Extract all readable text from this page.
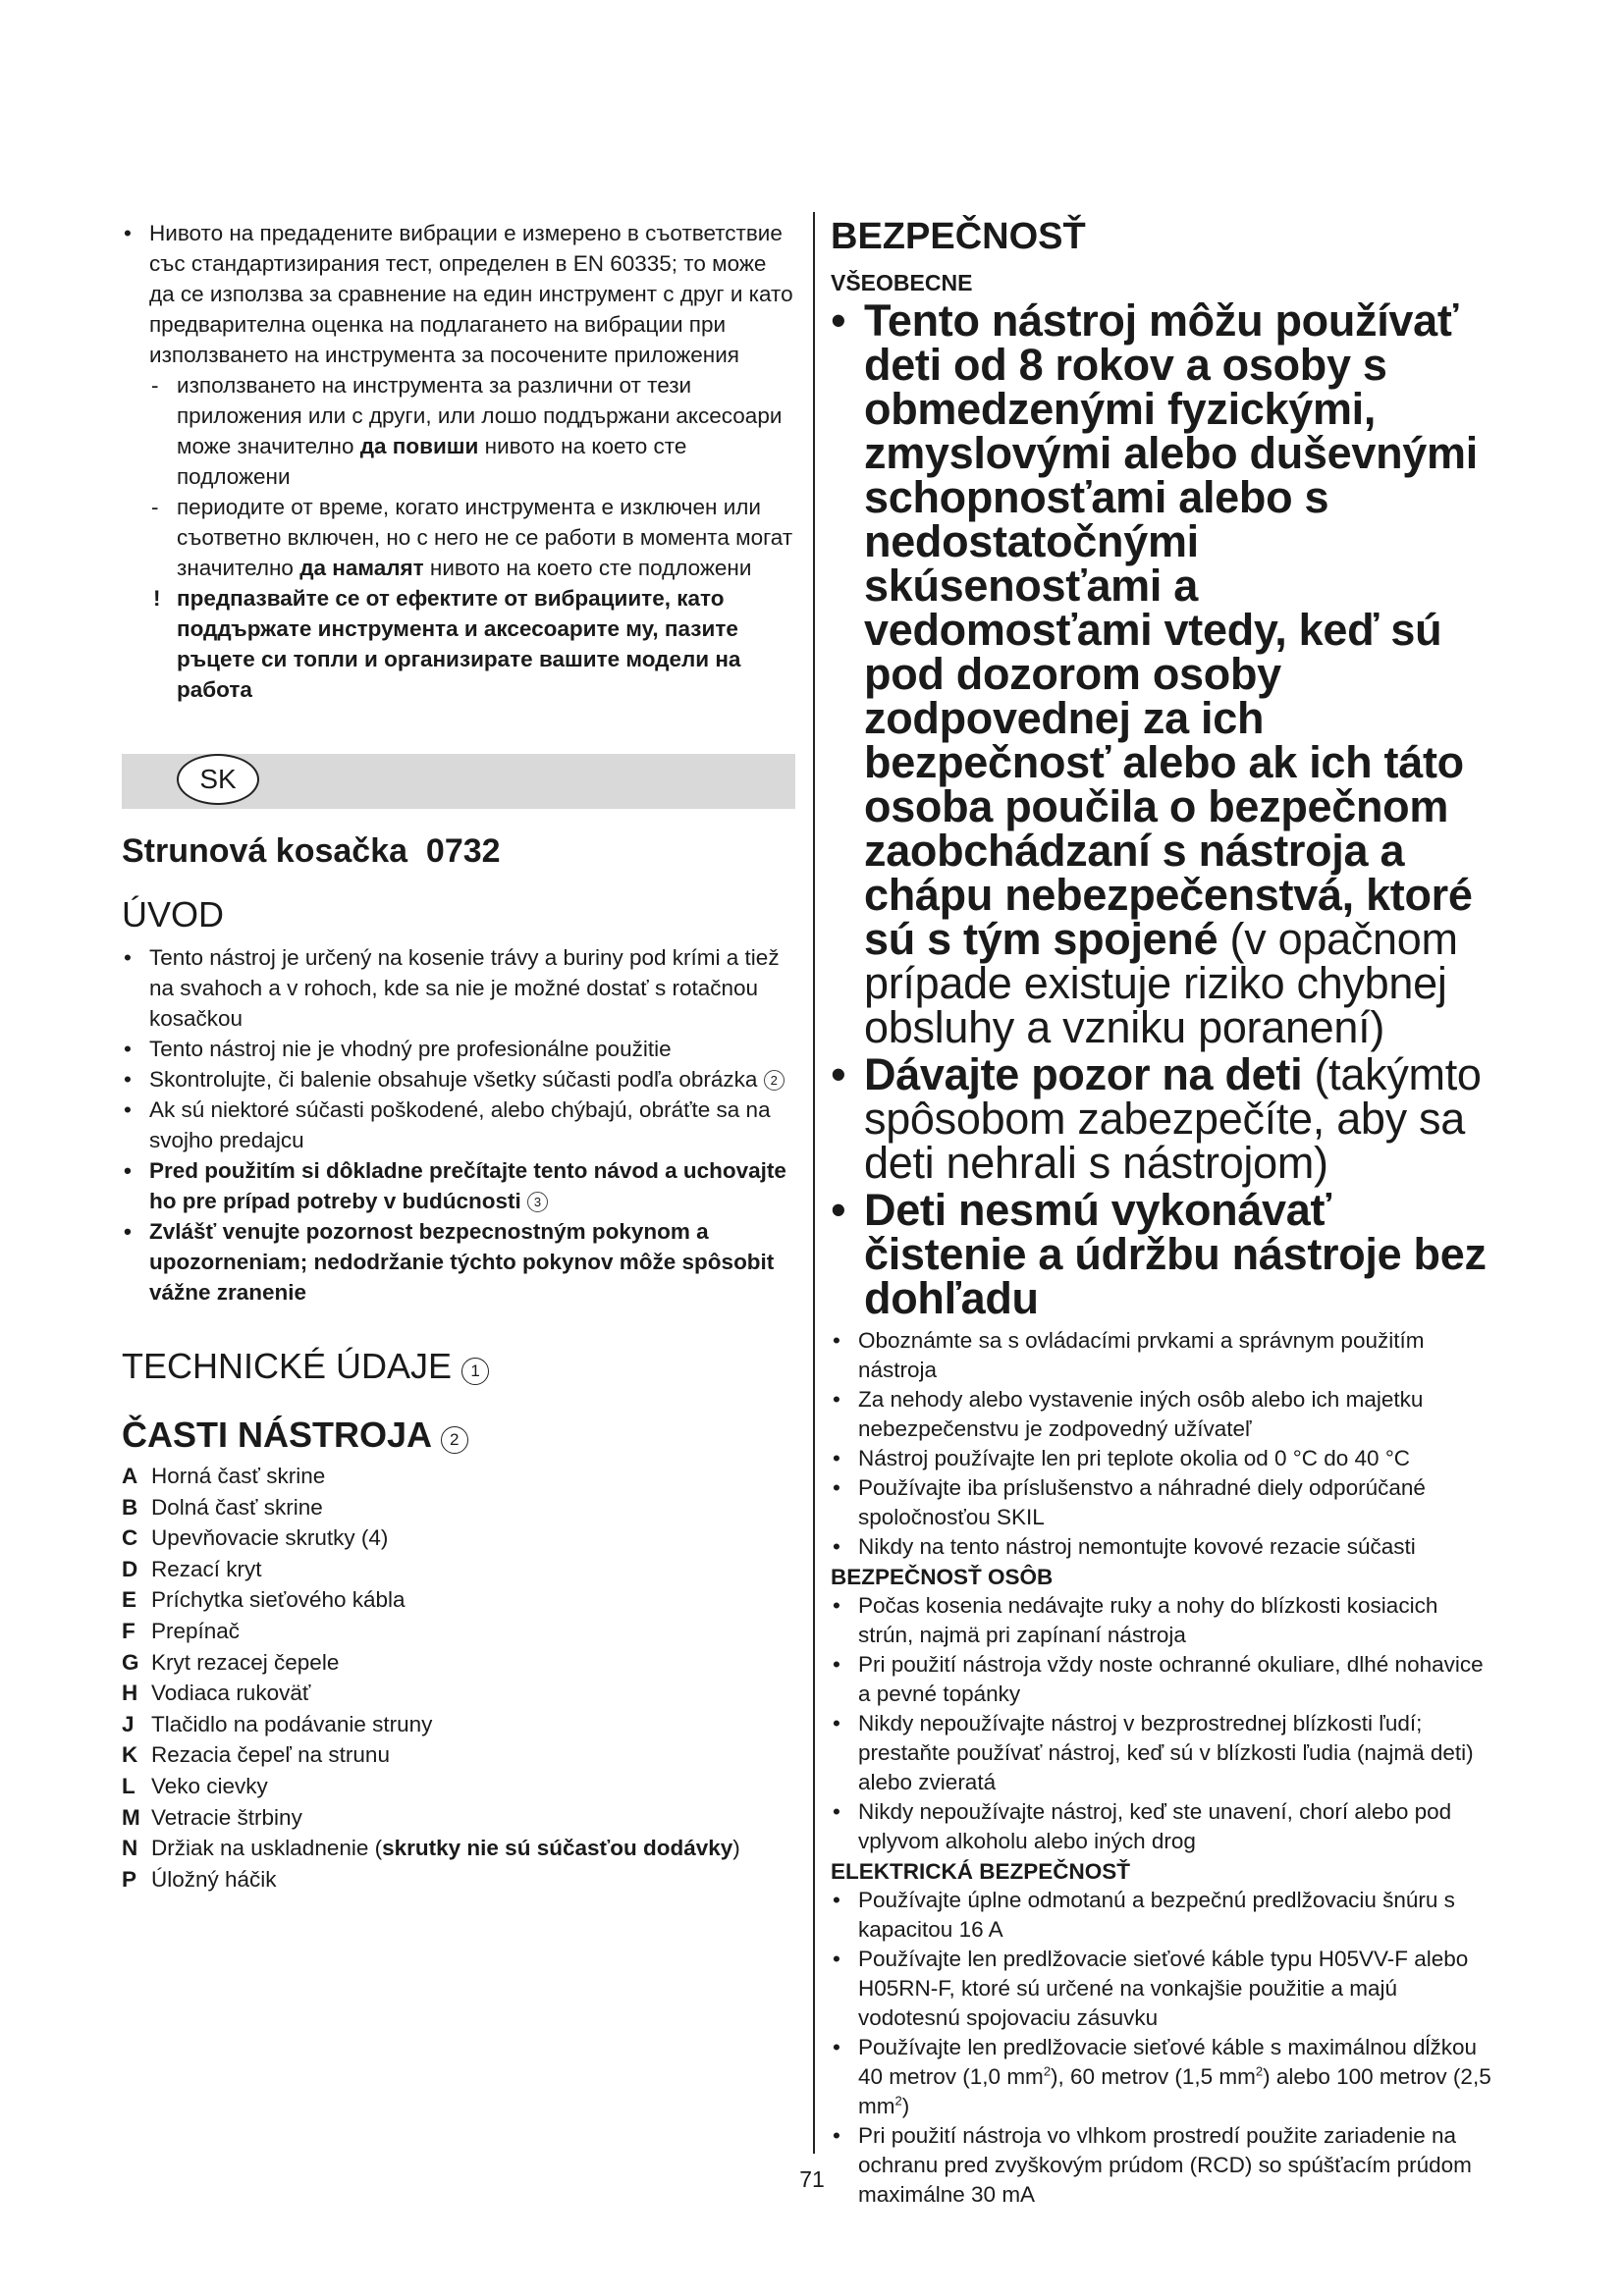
• Нивото на предадените вибрации е измерено в съответствие със стандартизирания тест, определен в EN 60335; то може да се използва за сравнение на един инструмент с друг и като предварителна оценка на подлагането на вибрации при използването на инструмента за посочените приложения
- използването на инструмента за различни от тези приложения или с други, или лошо поддържани аксесоари може значително да повиши нивото на което сте подложени
- периодите от време, когато инструмента е изключен или съответно включен, но с него не се работи в момента могат значително да намалят нивото на което сте подложени
! предпазвайте се от ефектите от вибрациите, като поддържате инструмента и аксесоарите му, пазите ръцете си топли и организирате вашите модели на работа
SK
Strunová kosačka  0732
ÚVOD
• Tento nástroj je určený na kosenie trávy a buriny pod krími a tiež na svahoch a v rohoch, kde sa nie je možné dostať s rotačnou kosačkou
• Tento nástroj nie je vhodný pre profesionálne použitie
• Skontrolujte, či balenie obsahuje všetky súčasti podľa obrázka 2
• Ak sú niektoré súčasti poškodené, alebo chýbajú, obráťte sa na svojho predajcu
• Pred použitím si dôkladne prečítajte tento návod a uchovajte ho pre prípad potreby v budúcnosti 3
• Zvlášť venujte pozornost bezpecnostným pokynom a upozorneniam; nedodržanie týchto pokynov môže spôsobit vážne zranenie
TECHNICKÉ ÚDAJE 1
ČASTI NÁSTROJA 2
A Horná časť skrine
B Dolná časť skrine
C Upevňovacie skrutky (4)
D Rezací kryt
E Príchytka sieťového kábla
F Prepínač
G Kryt rezacej čepele
H Vodiaca rukoväť
J Tlačidlo na podávanie struny
K Rezacia čepeľ na strunu
L Veko cievky
M Vetracie štrbiny
N Držiak na uskladnenie (skrutky nie sú súčasťou dodávky)
P Úložný háčik
BEZPEČNOSŤ
VŠEOBECNE
• Tento nástroj môžu používať deti od 8 rokov a osoby s obmedzenými fyzickými, zmyslovými alebo duševnými schopnosťami alebo s nedostatočnými skúsenosťami a vedomosťami vtedy, keď sú pod dozorom osoby zodpovednej za ich bezpečnosť alebo ak ich táto osoba poučila o bezpečnom zaobchádzaní s nástroja a chápu nebezpečenstvá, ktoré sú s tým spojené (v opačnom prípade existuje riziko chybnej obsluhy a vzniku poranení)
• Dávajte pozor na deti (takýmto spôsobom zabezpečíte, aby sa deti nehrali s nástrojom)
• Deti nesmú vykonávať čistenie a údržbu nástroje bez dohľadu
• Oboznámte sa s ovládacími prvkami a správnym použitím nástroja
• Za nehody alebo vystavenie iných osôb alebo ich majetku nebezpečenstvu je zodpovedný užívateľ
• Nástroj používajte len pri teplote okolia od 0 °C do 40 °C
• Používajte iba príslušenstvo a náhradné diely odporúčané spoločnosťou SKIL
• Nikdy na tento nástroj nemontujte kovové rezacie súčasti
BEZPEČNOSŤ OSÔB
• Počas kosenia nedávajte ruky a nohy do blízkosti kosiacich strún, najmä pri zapínaní nástroja
• Pri použití nástroja vždy noste ochranné okuliare, dlhé nohavice a pevné topánky
• Nikdy nepoužívajte nástroj v bezprostrednej blízkosti ľudí; prestaňte používať nástroj, keď sú v blízkosti ľudia (najmä deti) alebo zvieratá
• Nikdy nepoužívajte nástroj, keď ste unavení, chorí alebo pod vplyvom alkoholu alebo iných drog
ELEKTRICKÁ BEZPEČNOSŤ
• Používajte úplne odmotanú a bezpečnú predlžovaciu šnúru s kapacitou 16 A
• Používajte len predlžovacie sieťové káble typu H05VV-F alebo H05RN-F, ktoré sú určené na vonkajšie použitie a majú vodotesnú spojovaciu zásuvku
• Používajte len predlžovacie sieťové káble s maximálnou dĺžkou 40 metrov (1,0 $mm^2$), 60 metrov (1,5 $mm^2$) alebo 100 metrov (2,5 $mm^2$)
• Pri použití nástroja vo vlhkom prostredí použite zariadenie na ochranu pred zvyškovým prúdom (RCD) so spúšťacím prúdom maximálne 30 mA
71
